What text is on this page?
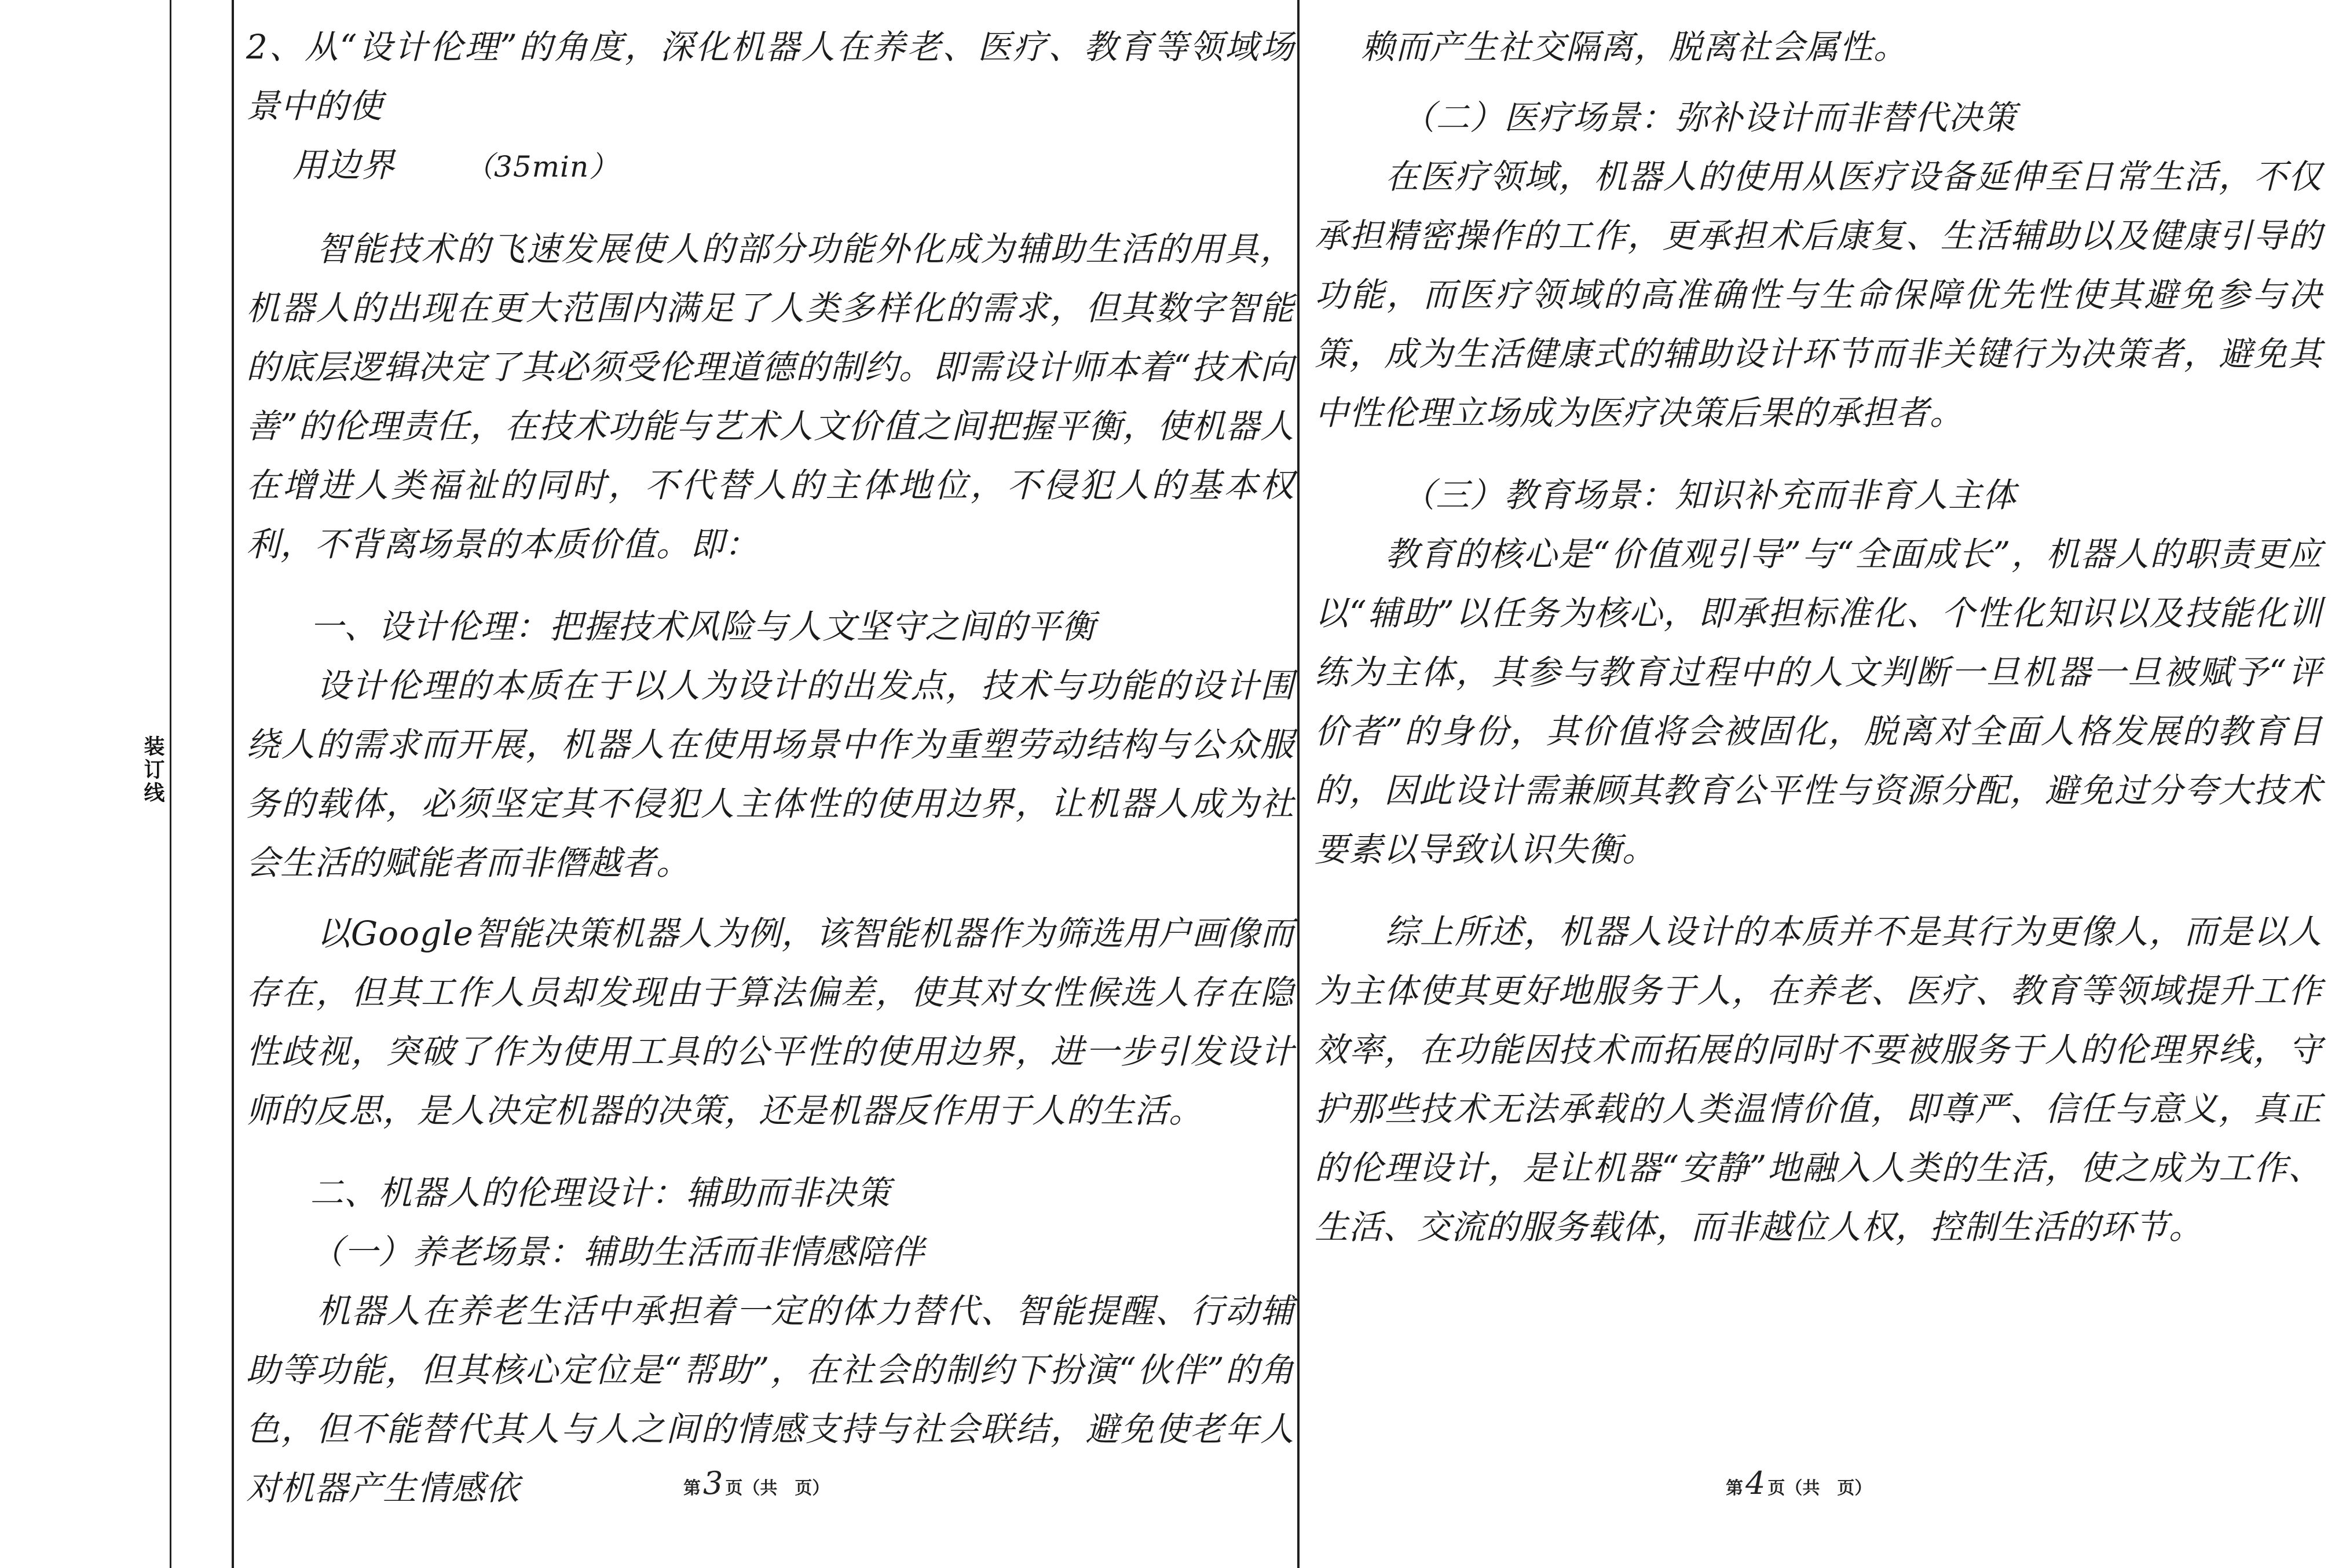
装订线

2、从“设计伦理”的角度，深化机器人在养老、医疗、教育等领域场景中的使

用边界 （35min）

智能技术的飞速发展使人的部分功能外化成为辅助生活的用具，机器人的出现在更大范围内满足了人类多样化的需求，但其数字智能的底层逻辑决定了其必须受伦理道德的制约。即需设计师本着“技术向善”的伦理责任，在技术功能与艺术人文价值之间把握平衡，使机器人在增进人类福祉的同时，不代替人的主体地位，不侵犯人的基本权利，不背离场景的本质价值。即：

一、设计伦理：把握技术风险与人文坚守之间的平衡

设计伦理的本质在于以人为设计的出发点，技术与功能的设计围绕人的需求而开展，机器人在使用场景中作为重塑劳动结构与公众服务的载体，必须坚定其不侵犯人主体性的使用边界，让机器人成为社会生活的赋能者而非僭越者。

以Google智能决策机器人为例，该智能机器作为筛选用户画像而存在，但其工作人员却发现由于算法偏差，使其对女性候选人存在隐性歧视，突破了作为使用工具的公平性的使用边界，进一步引发设计师的反思，是人决定机器的决策，还是机器反作用于人的生活。

二、机器人的伦理设计：辅助而非决策

（一）养老场景：辅助生活而非情感陪伴

机器人在养老生活中承担着一定的体力替代、智能提醒、行动辅助等功能，但其核心定位是“帮助”，在社会的制约下扮演“伙伴”的角色，但不能替代其人与人之间的情感支持与社会联结，避免使老年人对机器产生情感依	第3 页（共　页）

赖而产生社交隔离，脱离社会属性。

（二）医疗场景：弥补设计而非替代决策

在医疗领域，机器人的使用从医疗设备延伸至日常生活，不仅承担精密操作的工作，更承担术后康复、生活辅助以及健康引导的功能，而医疗领域的高准确性与生命保障优先性使其避免参与决策，成为生活健康式的辅助设计环节而非关键行为决策者，避免其中性伦理立场成为医疗决策后果的承担者。

（三）教育场景：知识补充而非育人主体

教育的核心是“价值观引导”与“全面成长”，机器人的职责更应以“辅助”以任务为核心，即承担标准化、个性化知识以及技能化训练为主体，其参与教育过程中的人文判断一旦机器一旦被赋予“评价者”的身份，其价值将会被固化，脱离对全面人格发展的教育目的，因此设计需兼顾其教育公平性与资源分配，避免过分夸大技术要素以导致认识失衡。

综上所述，机器人设计的本质并不是其行为更像人，而是以人为主体使其更好地服务于人，在养老、医疗、教育等领域提升工作效率，在功能因技术而拓展的同时不要被服务于人的伦理界线，守护那些技术无法承载的人类温情价值，即尊严、信任与意义，真正的伦理设计，是让机器“安静”地融入人类的生活，使之成为工作、生活、交流的服务载体，而非越位人权，控制生活的环节。

第4 页（共　页）
